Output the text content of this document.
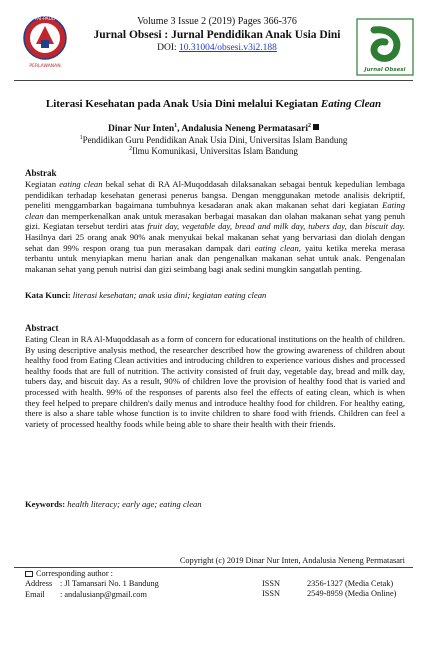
PAI-PAUD
PERLAWANAN
Volume 3 Issue 2 (2019) Pages 366-376
Jurnal Obsesi : Jurnal Pendidikan Anak Usia Dini
DOI: 10.31004/obsesi.v3i2.188
Jurnal Obsesi
Literasi Kesehatan pada Anak Usia Dini melalui Kegiatan Eating Clean
Dinar Nur Inten$^1$, Andalusia Neneng Permatasari$^2$
$^1$Pendidikan Guru Pendidikan Anak Usia Dini, Universitas Islam Bandung
$^2$Ilmu Komunikasi, Universitas Islam Bandung
Abstrak
Kegiatan eating clean bekal sehat di RA Al-Muqoddasah dilaksanakan sebagai bentuk kepedulian lembaga pendidikan terhadap kesehatan generasi penerus bangsa. Dengan menggunakan metode analisis dekriptif, peneliti menggambarkan bagaimana tumbuhnya kesadaran anak akan makanan sehat dari kegiatan Eating clean dan memperkenalkan anak untuk merasakan berbagai masakan dan olahan makanan sehat yang penuh gizi. Kegiatan tersebut terdiri atas fruit day, vegetable day, bread and milk day, tubers day, dan biscuit day. Hasilnya dari 25 orang anak 90% anak menyukai bekal makanan sehat yang bervariasi dan diolah dengan sehat dan 99% respon orang tua pun merasakan dampak dari eating clean, yaitu ketika mereka merasa terbantu untuk menyiapkan menu harian anak dan pengenalkan makanan sehat untuk anak. Pengenalan makanan sehat yang penuh nutrisi dan gizi seimbang bagi anak sedini mungkin sangatlah penting.
Kata Kunci: literasi kesehatan; anak usia dini; kegiatan eating clean
Abstract
Eating Clean in RA Al-Muqoddasah as a form of concern for educational institutions on the health of children. By using descriptive analysis method, the researcher described how the growing awareness of children about healthy food from Eating Clean activities and introducing children to experience various dishes and processed healthy foods that are full of nutrition. The activity consisted of fruit day, vegetable day, bread and milk day, tubers day, and biscuit day. As a result, 90% of children love the provision of healthy food that is varied and processed with health. 99% of the responses of parents also feel the effects of eating clean, which is when they feel helped to prepare children's daily menus and introduce healthy food for children. For healthy eating, there is also a share table whose function is to invite children to share food with friends. Children can feel a variety of processed healthy foods while being able to share their health with their friends.
Keywords: health literacy; early age; eating clean
Copyright (c) 2019 Dinar Nur Inten, Andalusia Neneng Permatasari
Corresponding author :
Address : Jl Tamansari No. 1 Bandung
Email	: andalusianp@gmail.com
ISSN	2356-1327 (Media Cetak)
ISSN	2549-8959 (Media Online)
